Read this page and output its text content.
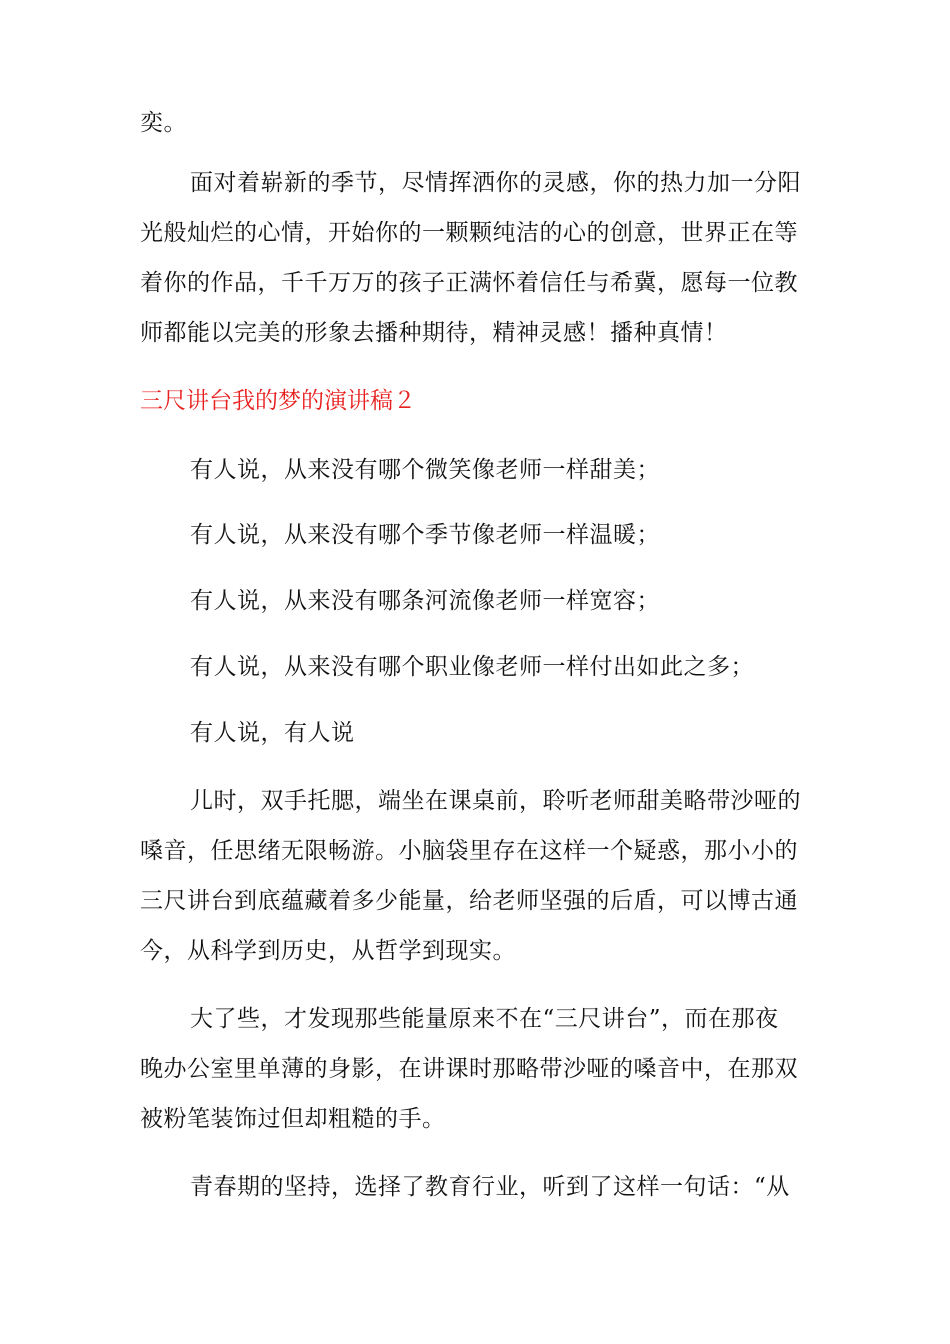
奕。
面对着崭新的季节，尽情挥洒你的灵感，你的热力加一分阳
光般灿烂的心情，开始你的一颗颗纯洁的心的创意，世界正在等
着你的作品，千千万万的孩子正满怀着信任与希冀，愿每一位教
师都能以完美的形象去播种期待，精神灵感！播种真情！
三尺讲台我的梦的演讲稿２
有人说，从来没有哪个微笑像老师一样甜美；
有人说，从来没有哪个季节像老师一样温暖；
有人说，从来没有哪条河流像老师一样宽容；
有人说，从来没有哪个职业像老师一样付出如此之多；
有人说，有人说
儿时，双手托腮，端坐在课桌前，聆听老师甜美略带沙哑的
嗓音，任思绪无限畅游。小脑袋里存在这样一个疑惑，那小小的
三尺讲台到底蕴藏着多少能量，给老师坚强的后盾，可以博古通
今，从科学到历史，从哲学到现实。
大了些，才发现那些能量原来不在“三尺讲台”，而在那夜
晚办公室里单薄的身影，在讲课时那略带沙哑的嗓音中，在那双
被粉笔装饰过但却粗糙的手。
青春期的坚持，选择了教育行业，听到了这样一句话：“从
